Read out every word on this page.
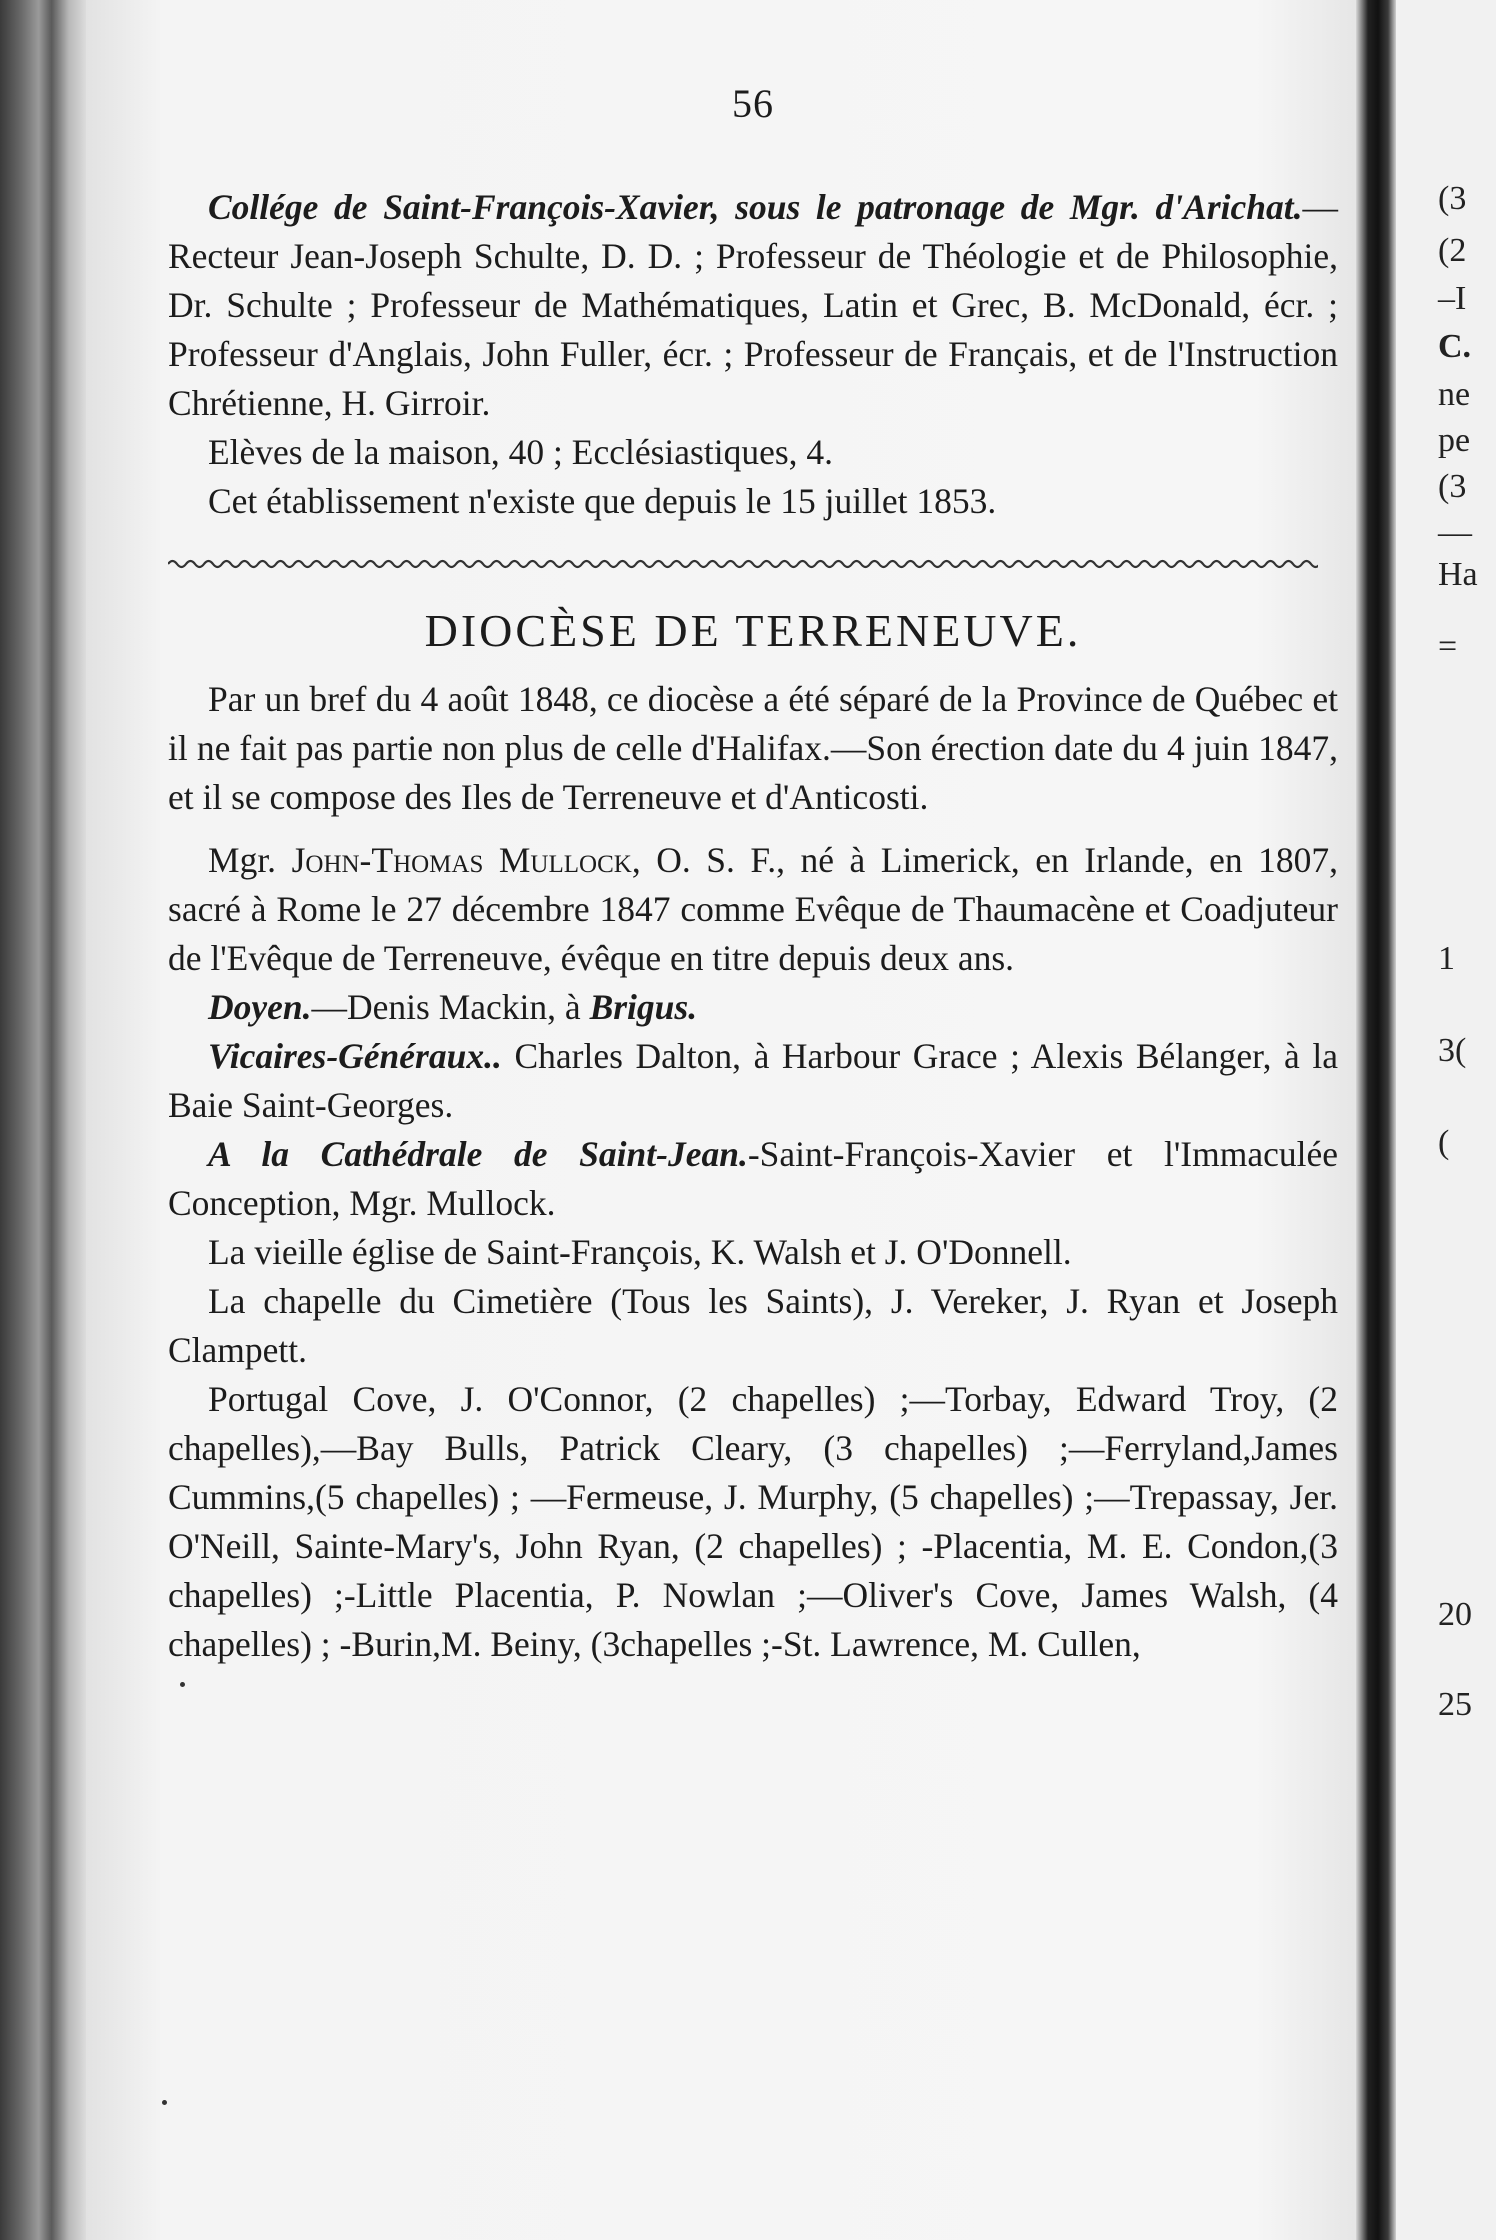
(3
(2
–I
C.
ne
pe
(3
—
Ha
=
1
3(
(
20
25
56

Collége de Saint-François-Xavier, sous le patronage de Mgr. d'Arichat.—Recteur Jean-Joseph Schulte, D. D. ; Professeur de Théologie et de Philosophie, Dr. Schulte ; Professeur de Mathématiques, Latin et Grec, B. McDonald, écr. ; Professeur d'Anglais, John Fuller, écr. ; Professeur de Français, et de l'Instruction Chrétienne, H. Girroir.

Elèves de la maison, 40 ; Ecclésiastiques, 4.

Cet établissement n'existe que depuis le 15 juillet 1853.

DIOCÈSE DE TERRENEUVE.

Par un bref du 4 août 1848, ce diocèse a été séparé de la Province de Québec et il ne fait pas partie non plus de celle d'Halifax.—Son érection date du 4 juin 1847, et il se compose des Iles de Terreneuve et d'Anticosti.

Mgr. John-Thomas Mullock, O. S. F., né à Limerick, en Irlande, en 1807, sacré à Rome le 27 décembre 1847 comme Evêque de Thaumacène et Coadjuteur de l'Evêque de Terreneuve, évêque en titre depuis deux ans.

Doyen.—Denis Mackin, à Brigus.

Vicaires-Généraux.. Charles Dalton, à Harbour Grace ; Alexis Bélanger, à la Baie Saint-Georges.

A la Cathédrale de Saint-Jean.-Saint-François-Xavier et l'Immaculée Conception, Mgr. Mullock.

La vieille église de Saint-François, K. Walsh et J. O'Donnell.

La chapelle du Cimetière (Tous les Saints), J. Vereker, J. Ryan et Joseph Clampett.

Portugal Cove, J. O'Connor, (2 chapelles) ;—Torbay, Edward Troy, (2 chapelles),—Bay Bulls, Patrick Cleary, (3 chapelles) ;—Ferryland,James Cummins,(5 chapelles) ; —Fermeuse, J. Murphy, (5 chapelles) ;—Trepassay, Jer. O'Neill, Sainte-Mary's, John Ryan, (2 chapelles) ; -Placentia, M. E. Condon,(3 chapelles) ;-Little Placentia, P. Nowlan ;—Oliver's Cove, James Walsh, (4 chapelles) ; -Burin,M. Beiny, (3chapelles ;-St. Lawrence, M. Cullen,
